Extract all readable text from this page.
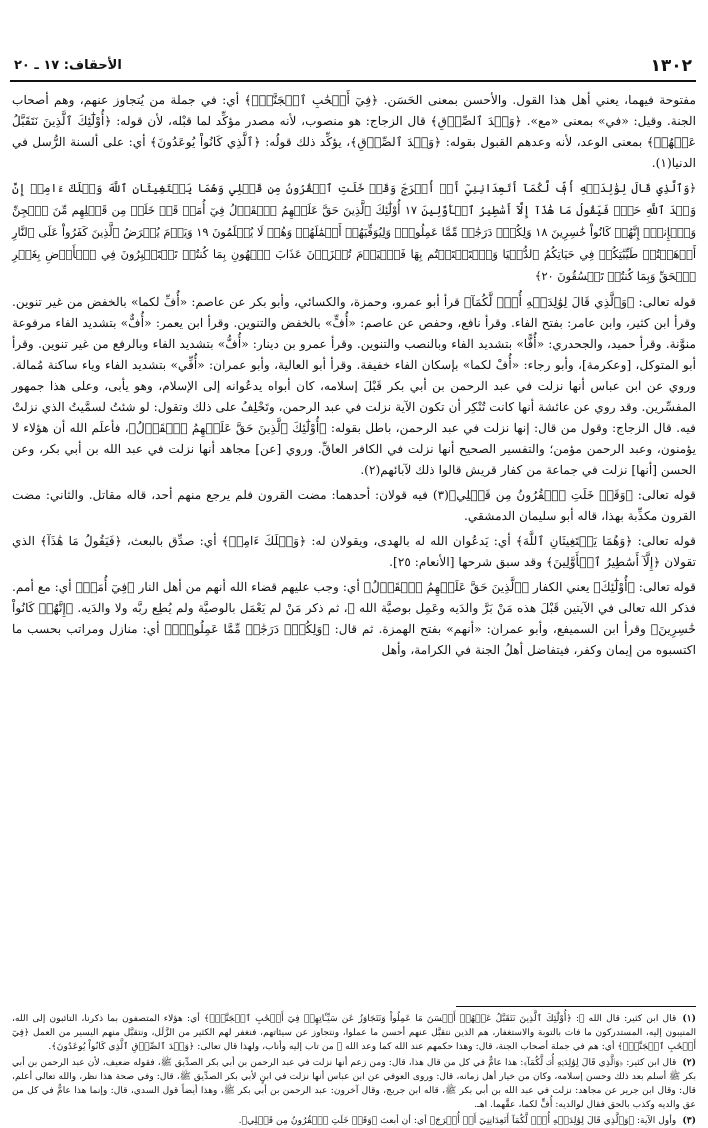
١٣٠٢
الأحقاف: ١٧ ـ ٢٠

مفتوحة فيهما، يعني أهل هذا القول. والأحسن بمعنى الحَسَن. ﴿فِيٓ أَصۡحَٰبِ ٱلۡجَنَّةِۖ﴾ أي: في جملة من يُتجاوز عنهم، وهم أصحاب الجنة. وقيل: «في» بمعنى «مع». ﴿وَعۡدَ ٱلصِّدۡقِ﴾ قال الزجاج: هو منصوب، لأنه مصدر مؤكِّد لما قبْله، لأن قوله: ﴿أُوْلَٰٓئِكَ ٱلَّذِينَ نَتَقَبَّلُ عَنۡهُمۡ﴾ بمعنى الوعد، لأنه وعدهم القبول بقوله: ﴿وَعۡدَ ٱلصِّدۡقِ﴾، يؤكِّد ذلك قولُه: ﴿ٱلَّذِي كَانُواْ يُوعَدُونَ﴾ أي: على ألسنة الرُّسل في الدنيا(١).

﴿وَٱلَّذِي قَالَ لِوَٰلِدَيۡهِ أُفّٖ لَّكُمَآ أَتَعِدَانِنِيٓ أَنۡ أُخۡرَجَ وَقَدۡ خَلَتِ ٱلۡقُرُونُ مِن قَبۡلِي وَهُمَا يَسۡتَغِيثَانِ ٱللَّهَ وَيۡلَكَ ءَامِنۡ إِنَّ وَعۡدَ ٱللَّهِ حَقّٞ فَيَقُولُ مَا هَٰذَآ إِلَّآ أَسَٰطِيرُ ٱلۡأَوَّلِينَ ١٧ أُوْلَٰٓئِكَ ٱلَّذِينَ حَقَّ عَلَيۡهِمُ ٱلۡقَوۡلُ فِيٓ أُمَمٖ قَدۡ خَلَتۡ مِن قَبۡلِهِم مِّنَ ٱلۡجِنِّ وَٱلۡإِنسِۖ إِنَّهُمۡ كَانُواْ خَٰسِرِينَ ١٨ وَلِكُلّٖ دَرَجَٰتٞ مِّمَّا عَمِلُواْۖ وَلِيُوَفِّيَهُمۡ أَعۡمَٰلَهُمۡ وَهُمۡ لَا يُظۡلَمُونَ ١٩ وَيَوۡمَ يُعۡرَضُ ٱلَّذِينَ كَفَرُواْ عَلَى ٱلنَّارِ أَذۡهَبۡتُمۡ طَيِّبَٰتِكُمۡ فِي حَيَاتِكُمُ ٱلدُّنۡيَا وَٱسۡتَمۡتَعۡتُم بِهَا فَٱلۡيَوۡمَ تُجۡزَوۡنَ عَذَابَ ٱلۡهُونِ بِمَا كُنتُمۡ تَسۡتَكۡبِرُونَ فِي ٱلۡأَرۡضِ بِغَيۡرِ ٱلۡحَقِّ وَبِمَا كُنتُمۡ تَفۡسُقُونَ ٢٠﴾

قوله تعالى: ﴿وَٱلَّذِي قَالَ لِوَٰلِدَيۡهِ أُفّٖ لَّكُمَآ﴾ قرأ أبو عمرو، وحمزة، والكسائي، وأبو بكر عن عاصم: «أُفِّ لكما» بالخفض من غير تنوين. وقرأ ابن كثير، وابن عامر: بفتح الفاء. وقرأ نافع، وحفص عن عاصم: «أُفٍّ» بالخفض والتنوين. وقرأ ابن يعمر: «أُفٌّ» بتشديد الفاء مرفوعة منوَّنة. وقرأ حميد، والجحدري: «أُفًّا» بتشديد الفاء وبالنصب والتنوين. وقرأ عمرو بن دينار: «أُفُّ» بتشديد الفاء وبالرفع من غير تنوين. وقرأ أبو المتوكل، [وعكرمة]، وأبو رجاء: «أُفْ لكما» بإسكان الفاء خفيفة. وقرأ أبو العالية، وأبو عمران: «أُفِّي» بتشديد الفاء وياء ساكنة مُمالة. وروي عن ابن عباس أنها نزلت في عبد الرحمن بن أبي بكر قَبْلَ إسلامه، كان أبواه يدعُوانه إلى الإسلام، وهو يأبى، وعلى هذا جمهور المفسِّرين. وقد روي عن عائشة أنها كانت تُنْكِر أن تكون الآية نزلت في عبد الرحمن، وتَحْلِفُ على ذلك وتقول: لو شئتُ لسمَّيتُ الذي نزلتْ فيه. قال الزجاج: وقول من قال: إنها نزلت في عبد الرحمن، باطل بقوله: ﴿أُوْلَٰٓئِكَ ٱلَّذِينَ حَقَّ عَلَيۡهِمُ ٱلۡقَوۡلُ﴾، فأعلَم الله أن هؤلاء لا يؤمنون، وعبد الرحمن مؤمن؛ والتفسير الصحيح أنها نزلت في الكافر العاقِّ. وروي [عن] مجاهد أنها نزلت في عبد الله بن أبي بكر، وعن الحسن [أنها] نزلت في جماعة من كفار قريش قالوا ذلك لآبائهم(٢).

قوله تعالى: ﴿وَقَدۡ خَلَتِ ٱلۡقُرُونُ مِن قَبۡلِي﴾(٣) فيه قولان: أحدهما: مضت القرون فلم يرجع منهم أحد، قاله مقاتل. والثاني: مضت القرون مكذِّبة بهذا، قاله أبو سليمان الدمشقي.

قوله تعالى: ﴿وَهُمَا يَسۡتَغِيثَانِ ٱللَّهَ﴾ أي: يَدعُوان الله له بالهدى، ويقولان له: ﴿وَيۡلَكَ ءَامِنۡ﴾ أي: صدِّق بالبعث، ﴿فَيَقُولُ مَا هَٰذَآ﴾ الذي تقولان ﴿إِلَّآ أَسَٰطِيرُ ٱلۡأَوَّلِينَ﴾ وقد سبق شرحها [الأنعام: ٢٥].

قوله تعالى: ﴿أُوْلَٰٓئِكَ﴾ يعني الكفار ﴿ٱلَّذِينَ حَقَّ عَلَيۡهِمُ ٱلۡقَوۡلُ﴾ أي: وجب عليهم قضاء الله أنهم من أهل النار ﴿فِيٓ أُمَمٖ﴾ أي: مع أمم. فذكر الله تعالى في الآيتين قَبْلَ هذه مَنْ بَرَّ والدَيه وعَمِل بوصيَّة الله ﷻ، ثم ذكر مَنْ لم يَعْمَل بالوصيَّة ولم يُطِع ربَّه ولا والدَيه. ﴿إِنَّهُمۡ كَانُواْ خَٰسِرِينَ﴾ وقرأ ابن السميفع، وأبو عمران: «أنهم» بفتح الهمزة. ثم قال: ﴿وَلِكُلّٖ دَرَجَٰتٞ مِّمَّا عَمِلُواْۖ﴾ أي: منازل ومراتب بحسب ما اكتسبوه من إيمان وكفر، فيتفاضل أهلُ الجنة في الكرامة، وأهل

(١)قال ابن كثير: قال الله ﷻ: ﴿أُوْلَٰٓئِكَ ٱلَّذِينَ نَتَقَبَّلُ عَنۡهُمۡ أَحۡسَنَ مَا عَمِلُواْ وَنَتَجَاوَزُ عَن سَيِّـَٔاتِهِمۡ فِيٓ أَصۡحَٰبِ ٱلۡجَنَّةِۖ﴾ أي: هؤلاء المتصفون بما ذكرنا، التائبون إلى الله، المنيبون إليه، المستدركون ما فات بالتوبة والاستغفار، هم الذين نتقبَّل عنهم أحسن ما عملوا، ونتجاوز عن سيئاتهم، فنغفر لهم الكثير من الزَّلَل، ونتقبَّل منهم اليسير من العمل ﴿فِيٓ أَصۡحَٰبِ ٱلۡجَنَّةِۖ﴾ أي: هم في جملة أصحاب الجنة، قال: وهذا حكمهم عند الله كما وعد الله ﷻ من تاب إليه وأناب، ولهذا قال تعالى: ﴿وَعۡدَ ٱلصِّدۡقِ ٱلَّذِي كَانُواْ يُوعَدُونَ﴾.

(٢)قال ابن كثير: ﴿وَٱلَّذِي قَالَ لِوَٰلِدَيۡهِ أُفّٖ لَّكُمَآ﴾: هذا عامٌّ في كل من قال هذا، قال: ومن زعم أنها نزلت في عبد الرحمن بن أبي بكر الصدِّيق ﷺ، فقوله ضعيف، لأن عبد الرحمن بن أبي بكر ﷺ أسلم بعد ذلك وحسن إسلامه، وكان من خيار أهل زمانه، قال: وروى العوفي عن ابن عباس أنها نزلت في ابنٍ لأبي بكر الصدِّيق ﷺ، قال: وفي صحة هذا نظر، والله تعالى أعلم، قال: وقال ابن جرير عن مجاهد: نزلت في عبد الله بن أبي بكر ﷺ، قاله ابن جريج، وقال آخرون: عبد الرحمن بن أبي بكر ﷺ، وهذا أيضاً قول السدي، قال: وإنما هذا عامٌّ في كل من عق والديه وكذب بالحق فقال لوالديه: أُفٍّ لكما، عقَّهما. اهـ.

(٣)وأول الآية: ﴿وَٱلَّذِي قَالَ لِوَٰلِدَيۡهِ أُفّٖ لَّكُمَآ أَتَعِدَانِنِيٓ أَنۡ أُخۡرَجَ﴾ أي: أن أبعث ﴿وَقَدۡ خَلَتِ ٱلۡقُرُونُ مِن قَبۡلِي﴾.
